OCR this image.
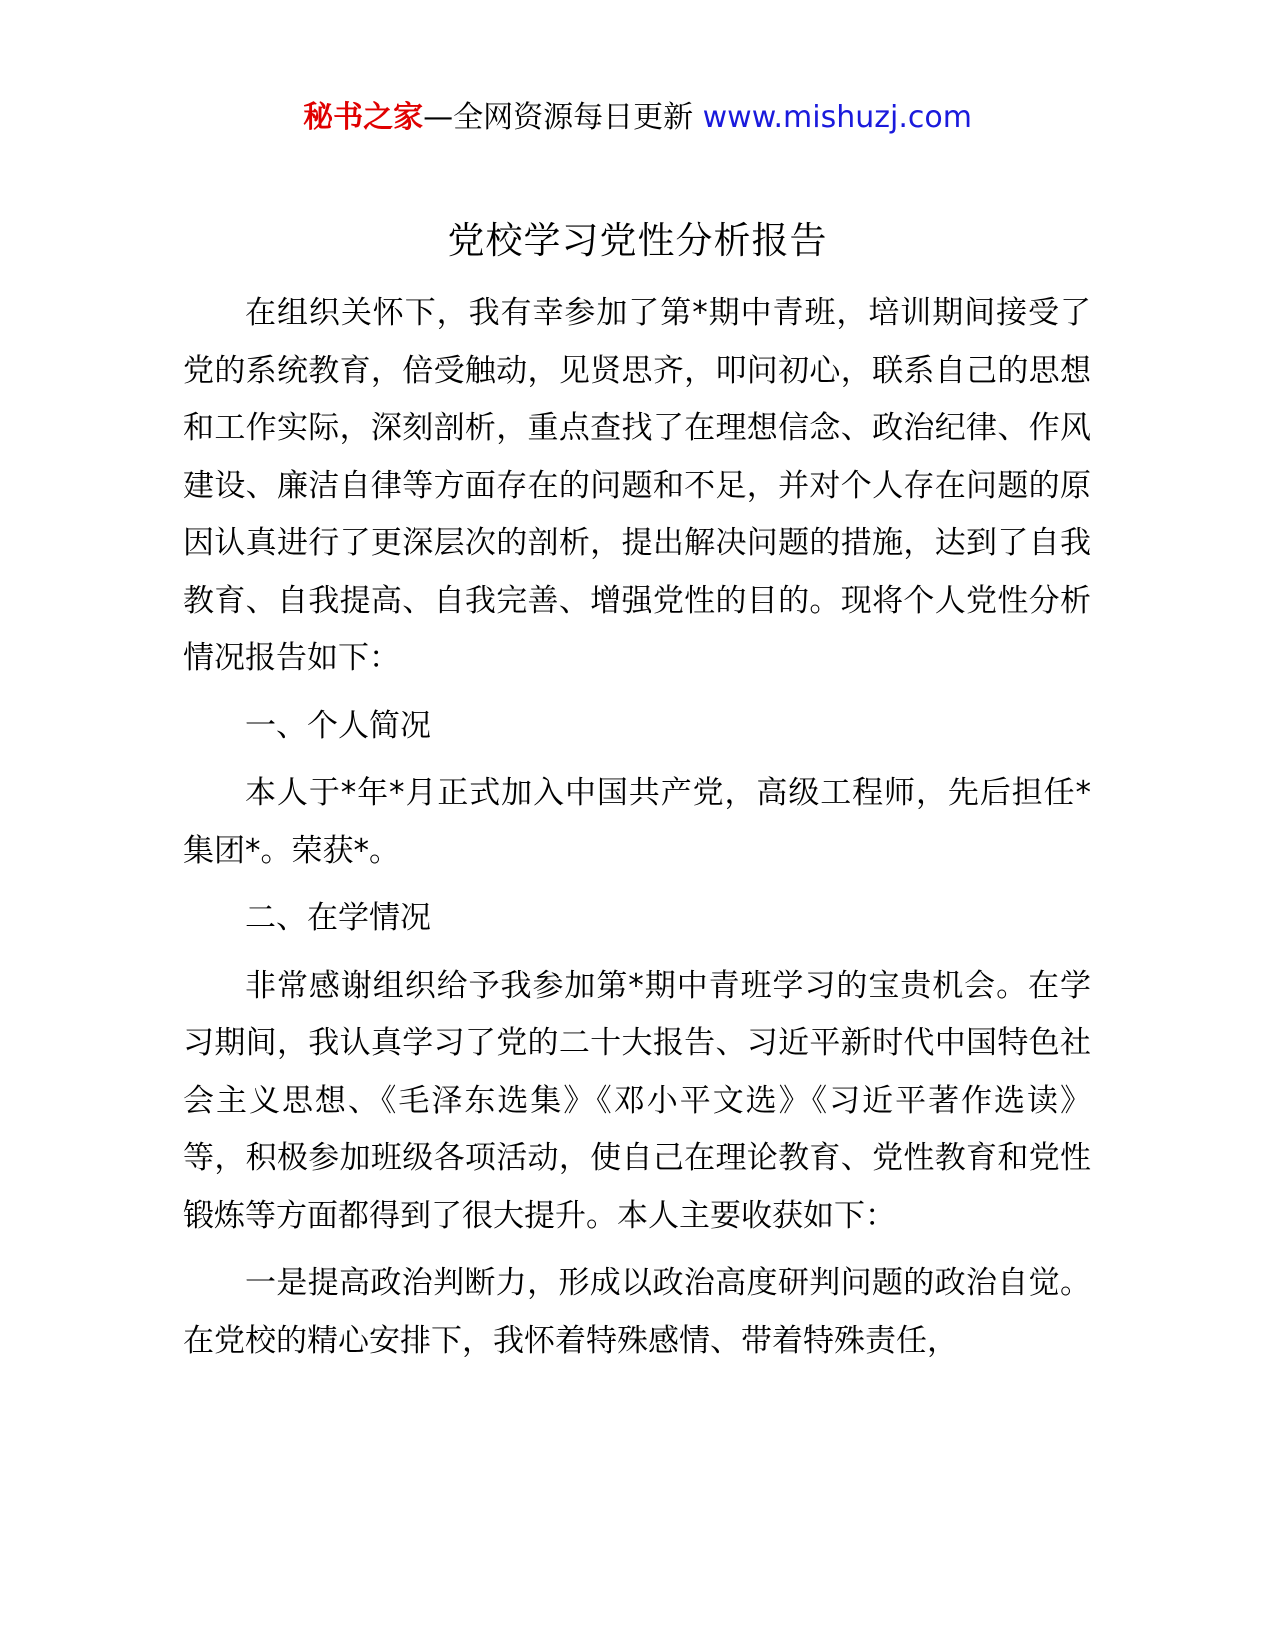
秘书之家—全网资源每日更新 www.mishuzj.com
党校学习党性分析报告

在组织关怀下，我有幸参加了第*期中青班，培训期间接受了党的系统教育，倍受触动，见贤思齐，叩问初心，联系自己的思想和工作实际，深刻剖析，重点查找了在理想信念、政治纪律、作风建设、廉洁自律等方面存在的问题和不足，并对个人存在问题的原因认真进行了更深层次的剖析，提出解决问题的措施，达到了自我教育、自我提高、自我完善、增强党性的目的。现将个人党性分析情况报告如下：

一、个人简况

本人于*年*月正式加入中国共产党，高级工程师，先后担任*集团*。荣获*。

二、在学情况

非常感谢组织给予我参加第*期中青班学习的宝贵机会。在学习期间，我认真学习了党的二十大报告、习近平新时代中国特色社会主义思想、《毛泽东选集》《邓小平文选》《习近平著作选读》等，积极参加班级各项活动，使自己在理论教育、党性教育和党性锻炼等方面都得到了很大提升。本人主要收获如下：

一是提高政治判断力，形成以政治高度研判问题的政治自觉。在党校的精心安排下，我怀着特殊感情、带着特殊责任，
